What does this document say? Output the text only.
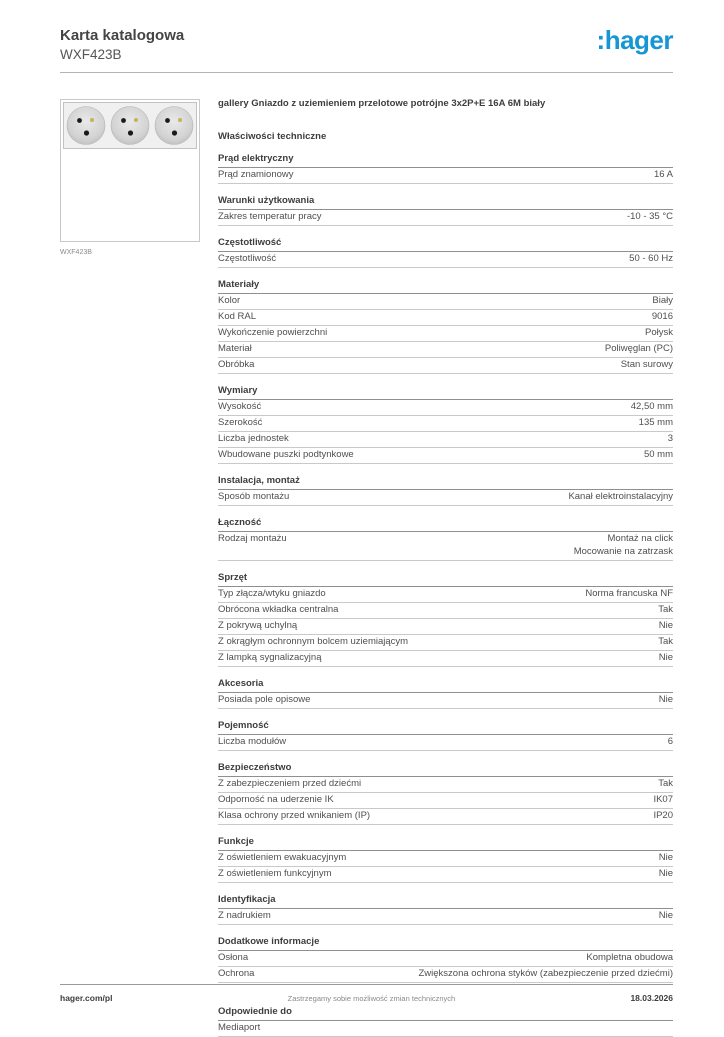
Karta katalogowa
WXF423B	:hager
WXF423B
gallery Gniazdo z uziemieniem przelotowe potrójne 3x2P+E 16A 6M biały
Właściwości techniczne
Prąd elektryczny
Prąd znamionowy	16 A
Warunki użytkowania
Zakres temperatur pracy	-10 - 35 °C
Częstotliwość
Częstotliwość	50 - 60 Hz
Materiały
Kolor	Biały
Kod RAL	9016
Wykończenie powierzchni	Połysk
Materiał	Poliwęglan (PC)
Obróbka	Stan surowy
Wymiary
Wysokość	42,50 mm
Szerokość	135 mm
Liczba jednostek	3
Wbudowane puszki podtynkowe	50 mm
Instalacja, montaż
Sposób montażu	Kanał elektroinstalacyjny
Łączność
Rodzaj montażu	Montaż na click
Mocowanie na zatrzask
Sprzęt
Typ złącza/wtyku gniazdo	Norma francuska NF
Obrócona wkładka centralna	Tak
Z pokrywą uchylną	Nie
Z okrągłym ochronnym bolcem uziemiającym	Tak
Z lampką sygnalizacyjną	Nie
Akcesoria
Posiada pole opisowe	Nie
Pojemność
Liczba modułów	6
Bezpieczeństwo
Z zabezpieczeniem przed dziećmi	Tak
Odporność na uderzenie IK	IK07
Klasa ochrony przed wnikaniem (IP)	IP20
Funkcje
Z oświetleniem ewakuacyjnym	Nie
Z oświetleniem funkcyjnym	Nie
Identyfikacja
Z nadrukiem	Nie
Dodatkowe informacje
Osłona	Kompletna obudowa
Ochrona	Zwiększona ochrona styków (zabezpieczenie przed dziećmi)
Odpowiednie do
Mediaport
hager.com/pl	Zastrzegamy sobie możliwość zmian technicznych	18.03.2026
